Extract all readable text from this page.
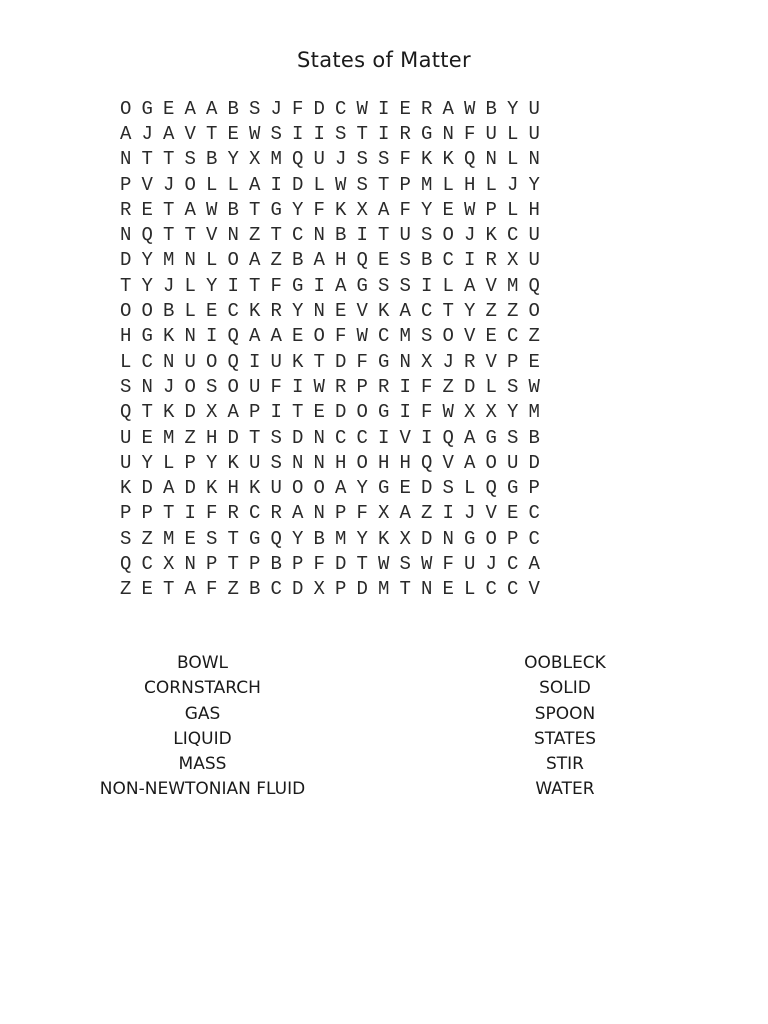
States of Matter
O G E A A B S J F D C W I E R A W B Y U
A J A V T E W S I I S T I R G N F U L U
N T T S B Y X M Q U J S S F K K Q N L N
P V J O L L A I D L W S T P M L H L J Y
R E T A W B T G Y F K X A F Y E W P L H
N Q T T V N Z T C N B I T U S O J K C U
D Y M N L O A Z B A H Q E S B C I R X U
T Y J L Y I T F G I A G S S I L A V M Q
O O B L E C K R Y N E V K A C T Y Z Z O
H G K N I Q A A E O F W C M S O V E C Z
L C N U O Q I U K T D F G N X J R V P E
S N J O S O U F I W R P R I F Z D L S W
Q T K D X A P I T E D O G I F W X X Y M
U E M Z H D T S D N C C I V I Q A G S B
U Y L P Y K U S N N H O H H Q V A O U D
K D A D K H K U O O A Y G E D S L Q G P
P P T I F R C R A N P F X A Z I J V E C
S Z M E S T G Q Y B M Y K X D N G O P C
Q C X N P T P B P F D T W S W F U J C A
Z E T A F Z B C D X P D M T N E L C C V
BOWL
CORNSTARCH
GAS
LIQUID
MASS
NON-NEWTONIAN FLUID
OOBLECK
SOLID
SPOON
STATES
STIR
WATER
